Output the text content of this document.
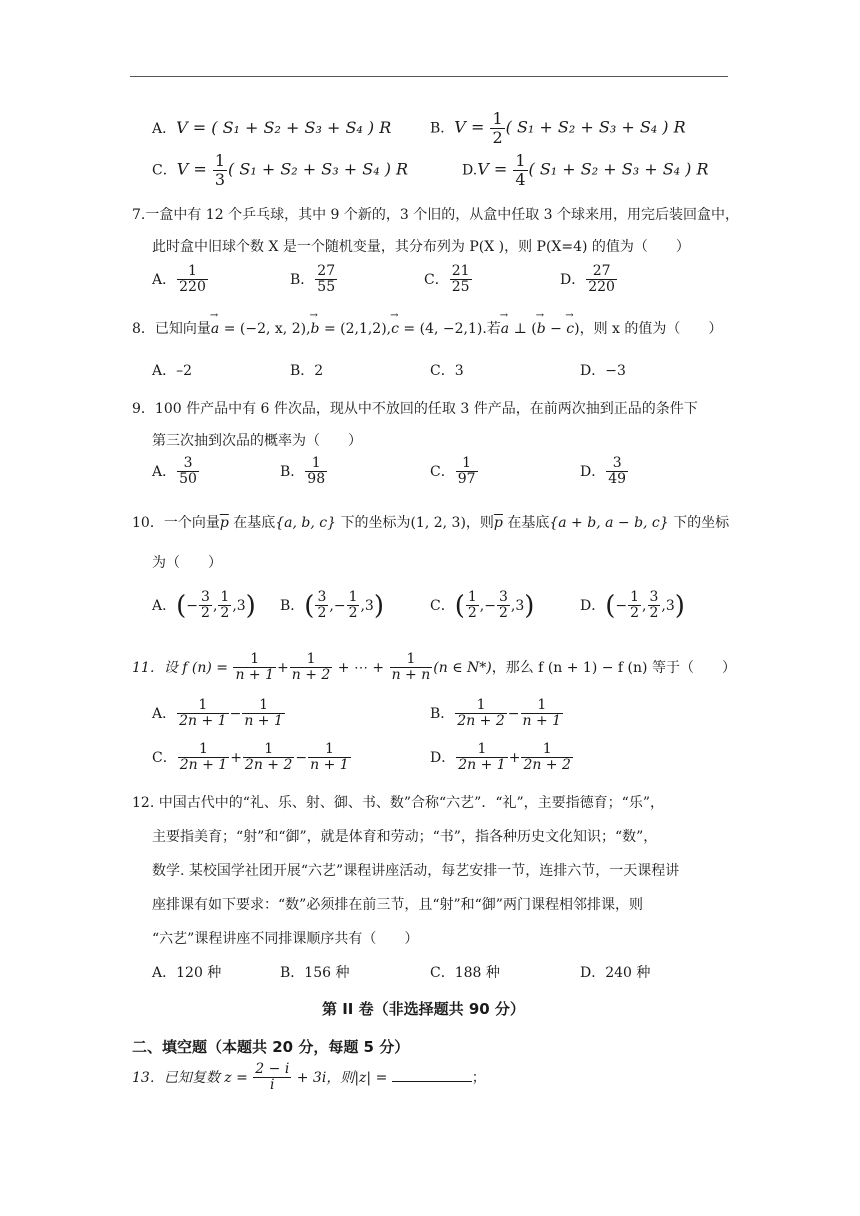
A．V = ( S₁ + S₂ + S₃ + S₄ ) R	B．$V = \frac{1}{2}$ ( S₁ + S₂ + S₃ + S₄ ) R
C．$V = \frac{1}{3}$ ( S₁ + S₂ + S₃ + S₄ ) R	$D.V = \frac{1}{4}$ ( S₁ + S₂ + S₃ + S₄ ) R
7.一盒中有 12 个乒乓球，其中 9 个新的，3 个旧的，从盒中任取 3 个球来用，用完后装回盒中，
此时盒中旧球个数 X 是一个随机变量，其分布列为 P(X )，则 P(X=4) 的值为（　　）
A． $\frac{1}{220}$	B． $\frac{27}{55}$	C． $\frac{21}{25}$	D． $\frac{27}{220}$
8．已知向量→ a = (−2, x, 2),→ b = (2,1,2),→ c = (4, −2,1).若→ a ⊥ (→ b − → c)，则 x 的值为（　　）
A．–2	B．2	C．3	D．−3
9．100 件产品中有 6 件次品，现从中不放回的任取 3 件产品，在前两次抽到正品的条件下
第三次抽到次品的概率为（　　）
A． $\frac{3}{50}$	B． $\frac{1}{98}$	C． $\frac{1}{97}$	D． $\frac{3}{49}$
10．一个向量$\overline{p}$ 在基底{a, b, c} 下的坐标为(1, 2, 3)，则$\overline{p}$ 在基底{a + b, a − b, c} 下的坐标
为（　　）
A．(− $\frac{3}{2}$ , $\frac{1}{2} ,3$) B．( $\frac{3}{2}$ ,− $\frac{1}{2} ,3$)	C．( $\frac{1}{2}$ ,− $\frac{3}{2} ,3$)	D．(− $\frac{1}{2}$ , $\frac{3}{2} ,3$)
11．设 f $(n) = \frac{1}{n + 1} + \frac{1}{n + 2}$ + ⋯ + $\frac{1}{n + n} (n$ ∈ N*)，那么 f (n + 1) − f (n) 等于（　　）
A． $\frac{1}{2n + 1} - \frac{1}{n + 1}$	B． $\frac{1}{2n + 2} - \frac{1}{n + 1}$
C． $\frac{1}{2n + 1} + \frac{1}{2n + 2} - \frac{1}{n + 1}$	D． $\frac{1}{2n + 1} + \frac{1}{2n + 2}$
12. 中国古代中的“礼、乐、射、御、书、数”合称“六艺”．“礼”，主要指德育；“乐”，
主要指美育；“射”和“御”，就是体育和劳动；“书”，指各种历史文化知识；“数”，
数学. 某校国学社团开展“六艺”课程讲座活动，每艺安排一节，连排六节，一天课程讲
座排课有如下要求：“数”必须排在前三节，且“射”和“御”两门课程相邻排课，则
“六艺”课程讲座不同排课顺序共有（　　）
A．120 种	B．156 种	C．188 种	D．240 种
第 II 卷（非选择题共 90 分）
二、填空题（本题共 20 分，每题 5 分）
13．已知复数 $z = \frac{2 - i}{i} + 3i$，则|z| =	；
